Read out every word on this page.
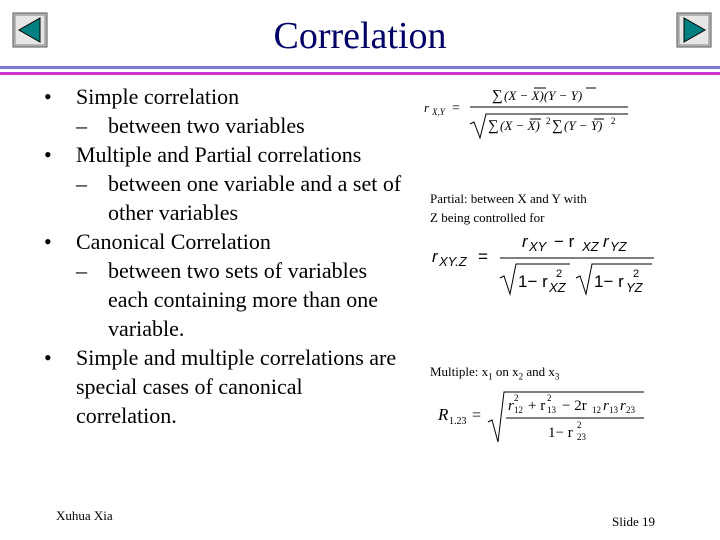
Correlation
• Simple correlation
– between two variables
• Multiple and Partial correlations
– between one variable and a set of other variables
• Canonical Correlation
– between two sets of variables each containing more than one variable.
• Simple and multiple correlations are special cases of canonical correlation.
r X,Y =
∑ (X − X)(Y − Y)
∑ (X − X) 2 ∑ (Y − Y) 2
Partial: between X and Y with
Z being controlled for
r XY.Z =
r XY − r XZ r YZ
1− r 2
XZ 1− r 2
YZ
Multiple: $x_1$ on $x_2$ and $x_3$
R 1.23 =
r 2
12 + r 2
13 − 2r 12 r 13 r 23
1− r 2
23
Xuhua Xia	Slide 19
